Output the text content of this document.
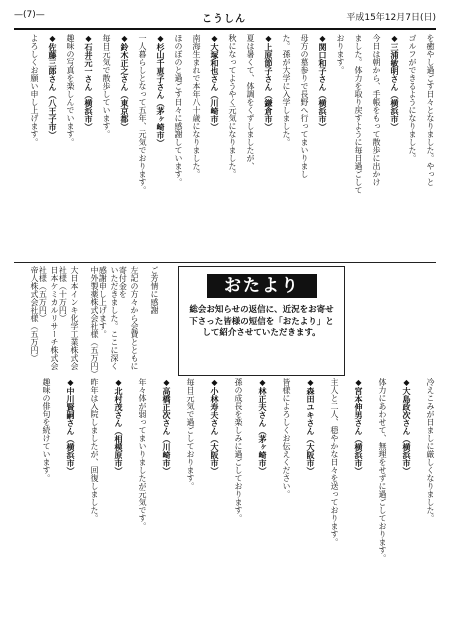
—(7)—	こうしん	平成15年12月7日(日)
を癒やし過ごす日々となりました。やっと
ゴルフができるようになりました。
◆三浦敏明さん（横浜市）
今日は朝から、手帳をもって散歩に出かけ
ました。体力を取り戻すように毎日過ごして
おります。
◆関口和子さん（横浜市）
母方の墓参りで長野へ行ってまいりまし
た。孫が大学に入学しました。
◆上原節子さん（鎌倉市）
夏は暑くて、体調をくずしましたが、
秋になってようやく元気になりました。
◆大塚和也さん（川崎市）
南海生まれで本年八十歳になりました。
ほのぼのと過ごす日々に感謝しています。
◆杉山千恵子さん（茅ヶ崎市）
一人暮らしとなって五年、元気でおります。
◆鈴木正之さん（東京都）
毎日元気で散歩しています。
◆石井元一さん（横浜市）
趣味の写真を楽しんでいます。
◆佐藤三郎さん（八王子市）
よろしくお願い申し上げます。
冷えこみが日ましに厳しくなりました。
◆大島政次さん（横浜市）
体力にあわせて、無理をせずに過ごしております。
◆宮本伸男さん（横浜市）
主人と二人、穏やかな日々を送っております。
◆森田ユキさん（大阪市）
皆様によろしくお伝えください。
◆林正夫さん（茅ヶ崎市）
孫の成長を楽しみに過ごしております。
◆小林寿夫さん（大阪市）
毎日元気で過ごしております。
◆高橋正次さん（川崎市）
年々体が弱ってまいりましたが元気です。
◆北村茂さん（相模原市）
昨年は入院しましたが、回復しました。
◆中川賢嗣さん（横浜市）
趣味の俳句を続けています。
ご芳情に感謝
左記の方々から会費とともに寄付金を
いただきました。ここに深く感謝申し上げます。
中外製薬株式会社様（五万円）
大日本インキ化学工業株式会社様（十万円）
日本ケミカルリサーチ株式会社様（五万円）
帝人株式会社様（五万円）	おたより
総会お知らせの返信に、近況をお寄せ下さった皆様の短信を「おたより」として紹介させていただきます。
